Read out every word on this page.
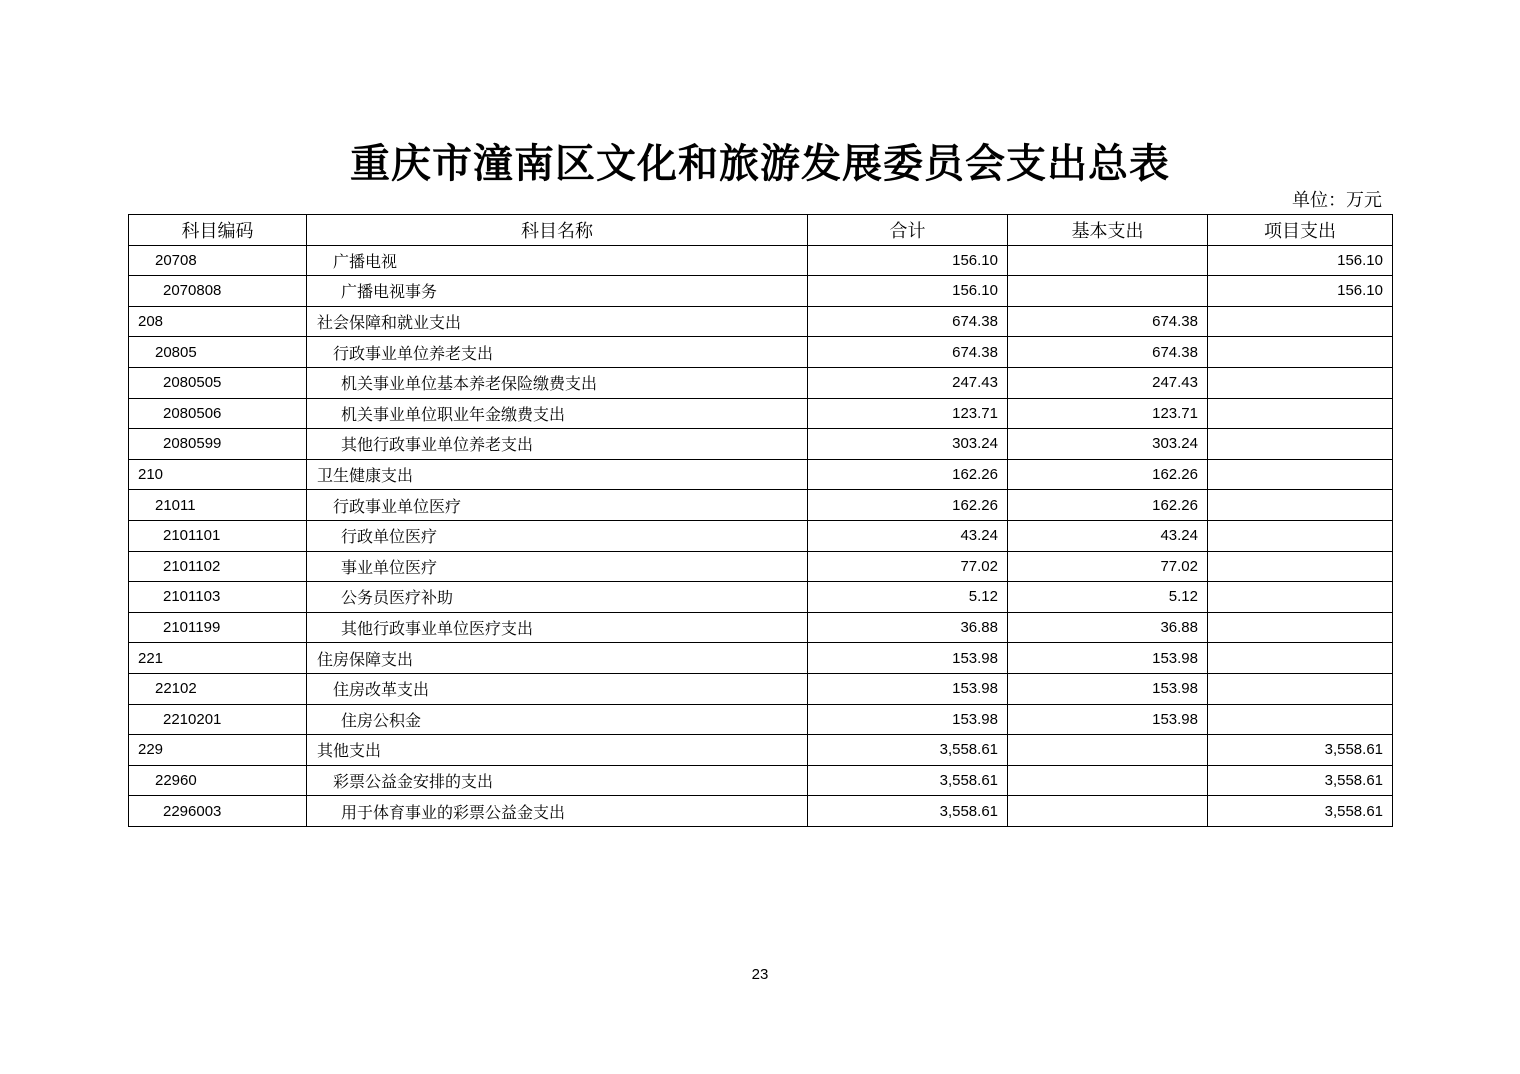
重庆市潼南区文化和旅游发展委员会支出总表
单位：万元
科目编码	科目名称	合计	基本支出	项目支出
20708	广播电视	156.10		156.10
2070808	广播电视事务	156.10		156.10
208	社会保障和就业支出	674.38	674.38	
20805	行政事业单位养老支出	674.38	674.38	
2080505	机关事业单位基本养老保险缴费支出	247.43	247.43	
2080506	机关事业单位职业年金缴费支出	123.71	123.71	
2080599	其他行政事业单位养老支出	303.24	303.24	
210	卫生健康支出	162.26	162.26	
21011	行政事业单位医疗	162.26	162.26	
2101101	行政单位医疗	43.24	43.24	
2101102	事业单位医疗	77.02	77.02	
2101103	公务员医疗补助	5.12	5.12	
2101199	其他行政事业单位医疗支出	36.88	36.88	
221	住房保障支出	153.98	153.98	
22102	住房改革支出	153.98	153.98	
2210201	住房公积金	153.98	153.98	
229	其他支出	3,558.61		3,558.61
22960	彩票公益金安排的支出	3,558.61		3,558.61
2296003	用于体育事业的彩票公益金支出	3,558.61		3,558.61
23
